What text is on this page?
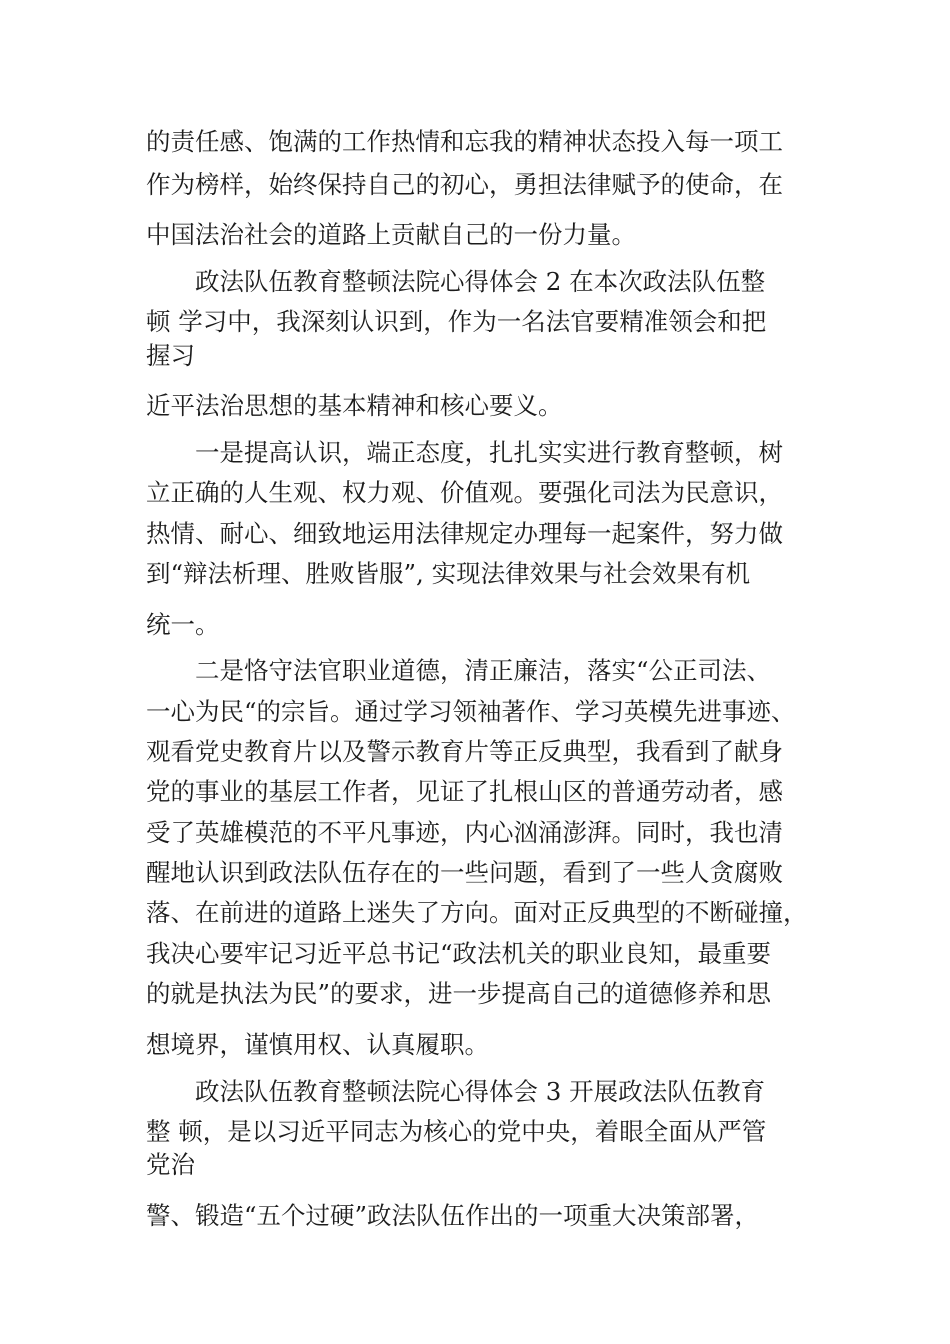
的责任感、饱满的工作热情和忘我的精神状态投入每一项工

作为榜样，始终保持自己的初心，勇担法律赋予的使命，在

中国法治社会的道路上贡献自己的一份力量。

政法队伍教育整顿法院心得体会 2 在本次政法队伍整

顿 学习中，我深刻认识到，作为一名法官要精准领会和把

握习

近平法治思想的基本精神和核心要义。

一是提高认识，端正态度，扎扎实实进行教育整顿，树

立正确的人生观、权力观、价值观。要强化司法为民意识，

热情、耐心、细致地运用法律规定办理每一起案件，努力做

到“辩法析理、胜败皆服”, 实现法律效果与社会效果有机

统一。

二是恪守法官职业道德，清正廉洁，落实“公正司法、

一心为民“的宗旨。通过学习领袖著作、学习英模先进事迹、

观看党史教育片以及警示教育片等正反典型，我看到了献身

党的事业的基层工作者，见证了扎根山区的普通劳动者，感

受了英雄模范的不平凡事迹，内心汹涌澎湃。同时，我也清

醒地认识到政法队伍存在的一些问题，看到了一些人贪腐败

落、在前进的道路上迷失了方向。面对正反典型的不断碰撞，

我决心要牢记习近平总书记“政法机关的职业良知，最重要

的就是执法为民”的要求，进一步提高自己的道德修养和思

想境界，谨慎用权、认真履职。

政法队伍教育整顿法院心得体会 3 开展政法队伍教育

整 顿，是以习近平同志为核心的党中央，着眼全面从严管

党治

警、锻造“五个过硬”政法队伍作出的一项重大决策部署，
